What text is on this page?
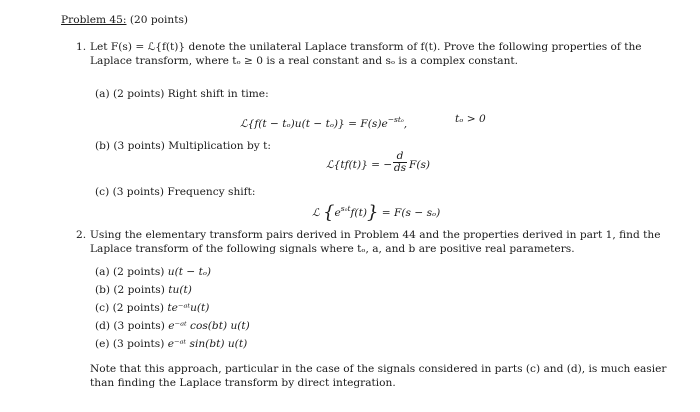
Problem 45: (20 points)
1. Let F(s) = ℒ{f(t)} denote the unilateral Laplace transform of f(t). Prove the following properties of the
Laplace transform, where tₒ ≥ 0 is a real constant and sₒ is a complex constant.
(a) (2 points) Right shift in time:
ℒ{f(t − $t_o)u(t - t_o)\} = F(s)e^{-st_o}$,	tₒ > 0
(b) (3 points) Multiplication by t:
ℒ{tf(t)} = −
d
ds F(s)
(c) (3 points) Frequency shift:
ℒ $\{e^{s_ot}f(t)\} = F(s - s_o)$
2. Using the elementary transform pairs derived in Problem 44 and the properties derived in part 1, find the
Laplace transform of the following signals where tₒ, a, and b are positive real parameters.
(a) (2 points) u(t − tₒ)
(b) (2 points) tu(t)
(c) (2 points) te⁻ᵃᵗu(t)
(d) (3 points) e⁻ᵃᵗ cos(bt) u(t)
(e) (3 points) e⁻ᵃᵗ sin(bt) u(t)
Note that this approach, particular in the case of the signals considered in parts (c) and (d), is much easier
than finding the Laplace transform by direct integration.
